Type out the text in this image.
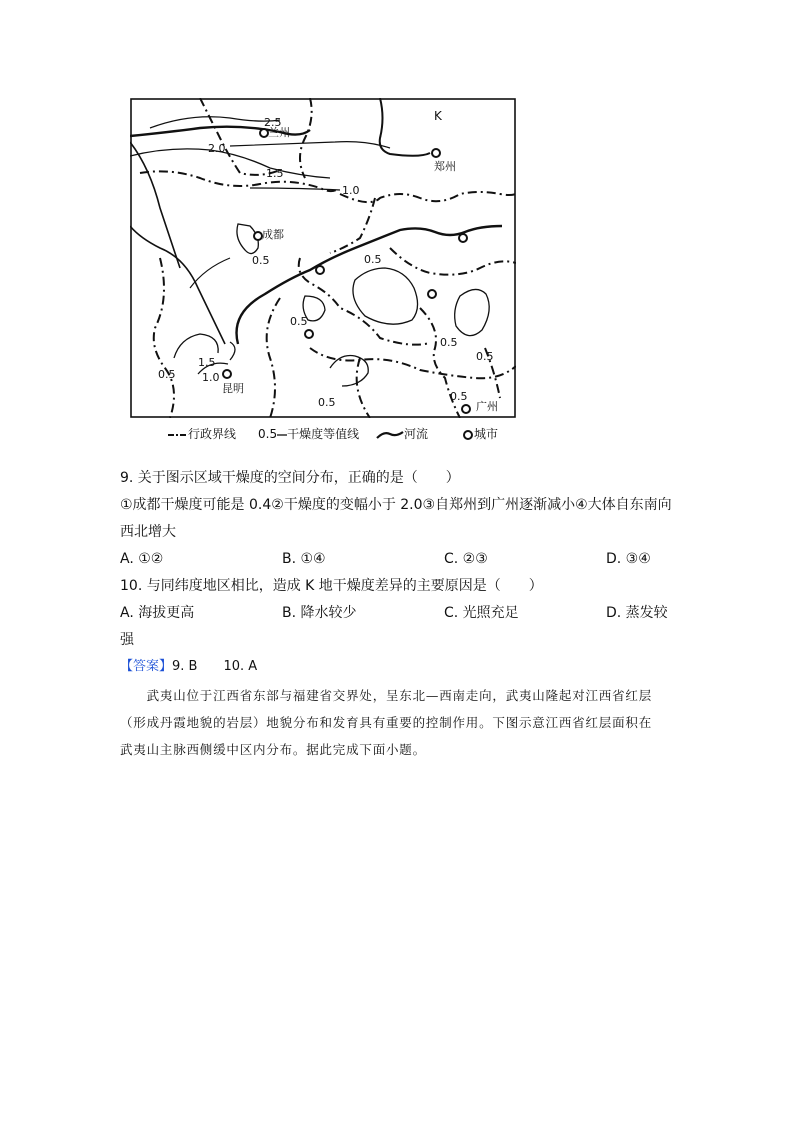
兰州
郑州
成都
昆明
广州
K
2.5
2.0
1.5
1.0
0.5	0.5
0.5
0.5
0.5
1.5
1.0
0.5
0.5	0.5
行政界线 0.5 干燥度等值线	河流	城市
9. 关于图示区域干燥度的空间分布，正确的是（　　）
①成都干燥度可能是 0.4②干燥度的变幅小于 2.0③自郑州到广州逐渐减小④大体自东南向
西北增大
A. ①②	B. ①④	C. ②③	D. ③④
10. 与同纬度地区相比，造成 K 地干燥度差异的主要原因是（　　）
A. 海拔更高	B. 降水较少	C. 光照充足	D. 蒸发较
强
【答案】9. B　　10. A
　　武夷山位于江西省东部与福建省交界处，呈东北—西南走向，武夷山隆起对江西省红层
（形成丹霞地貌的岩层）地貌分布和发育具有重要的控制作用。下图示意江西省红层面积在
武夷山主脉西侧缓中区内分布。据此完成下面小题。
